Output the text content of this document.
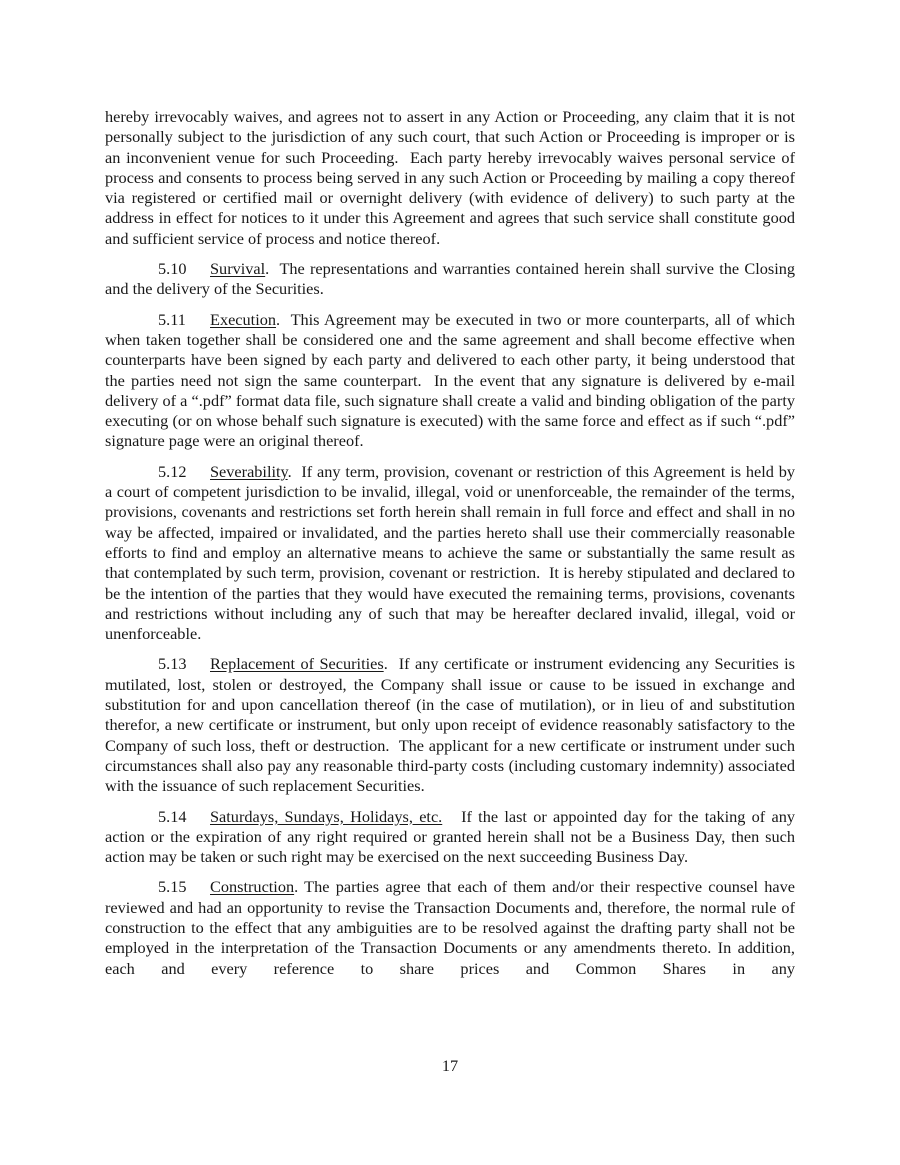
hereby irrevocably waives, and agrees not to assert in any Action or Proceeding, any claim that it is not personally subject to the jurisdiction of any such court, that such Action or Proceeding is improper or is an inconvenient venue for such Proceeding.  Each party hereby irrevocably waives personal service of process and consents to process being served in any such Action or Proceeding by mailing a copy thereof via registered or certified mail or overnight delivery (with evidence of delivery) to such party at the address in effect for notices to it under this Agreement and agrees that such service shall constitute good and sufficient service of process and notice thereof.

5.10 Survival.  The representations and warranties contained herein shall survive the Closing and the delivery of the Securities.

5.11 Execution.  This Agreement may be executed in two or more counterparts, all of which when taken together shall be considered one and the same agreement and shall become effective when counterparts have been signed by each party and delivered to each other party, it being understood that the parties need not sign the same counterpart.  In the event that any signature is delivered by e-mail delivery of a “.pdf” format data file, such signature shall create a valid and binding obligation of the party executing (or on whose behalf such signature is executed) with the same force and effect as if such “.pdf” signature page were an original thereof.

5.12 Severability.  If any term, provision, covenant or restriction of this Agreement is held by a court of competent jurisdiction to be invalid, illegal, void or unenforceable, the remainder of the terms, provisions, covenants and restrictions set forth herein shall remain in full force and effect and shall in no way be affected, impaired or invalidated, and the parties hereto shall use their commercially reasonable efforts to find and employ an alternative means to achieve the same or substantially the same result as that contemplated by such term, provision, covenant or restriction.  It is hereby stipulated and declared to be the intention of the parties that they would have executed the remaining terms, provisions, covenants and restrictions without including any of such that may be hereafter declared invalid, illegal, void or unenforceable.

5.13 Replacement of Securities.  If any certificate or instrument evidencing any Securities is mutilated, lost, stolen or destroyed, the Company shall issue or cause to be issued in exchange and substitution for and upon cancellation thereof (in the case of mutilation), or in lieu of and substitution therefor, a new certificate or instrument, but only upon receipt of evidence reasonably satisfactory to the Company of such loss, theft or destruction.  The applicant for a new certificate or instrument under such circumstances shall also pay any reasonable third-party costs (including customary indemnity) associated with the issuance of such replacement Securities.

5.14 Saturdays, Sundays, Holidays, etc. If the last or appointed day for the taking of any action or the expiration of any right required or granted herein shall not be a Business Day, then such action may be taken or such right may be exercised on the next succeeding Business Day.

5.15 Construction. The parties agree that each of them and/or their respective counsel have reviewed and had an opportunity to revise the Transaction Documents and, therefore, the normal rule of construction to the effect that any ambiguities are to be resolved against the drafting party shall not be employed in the interpretation of the Transaction Documents or any amendments thereto. In addition, each and every reference to share prices and Common Shares in any

17
